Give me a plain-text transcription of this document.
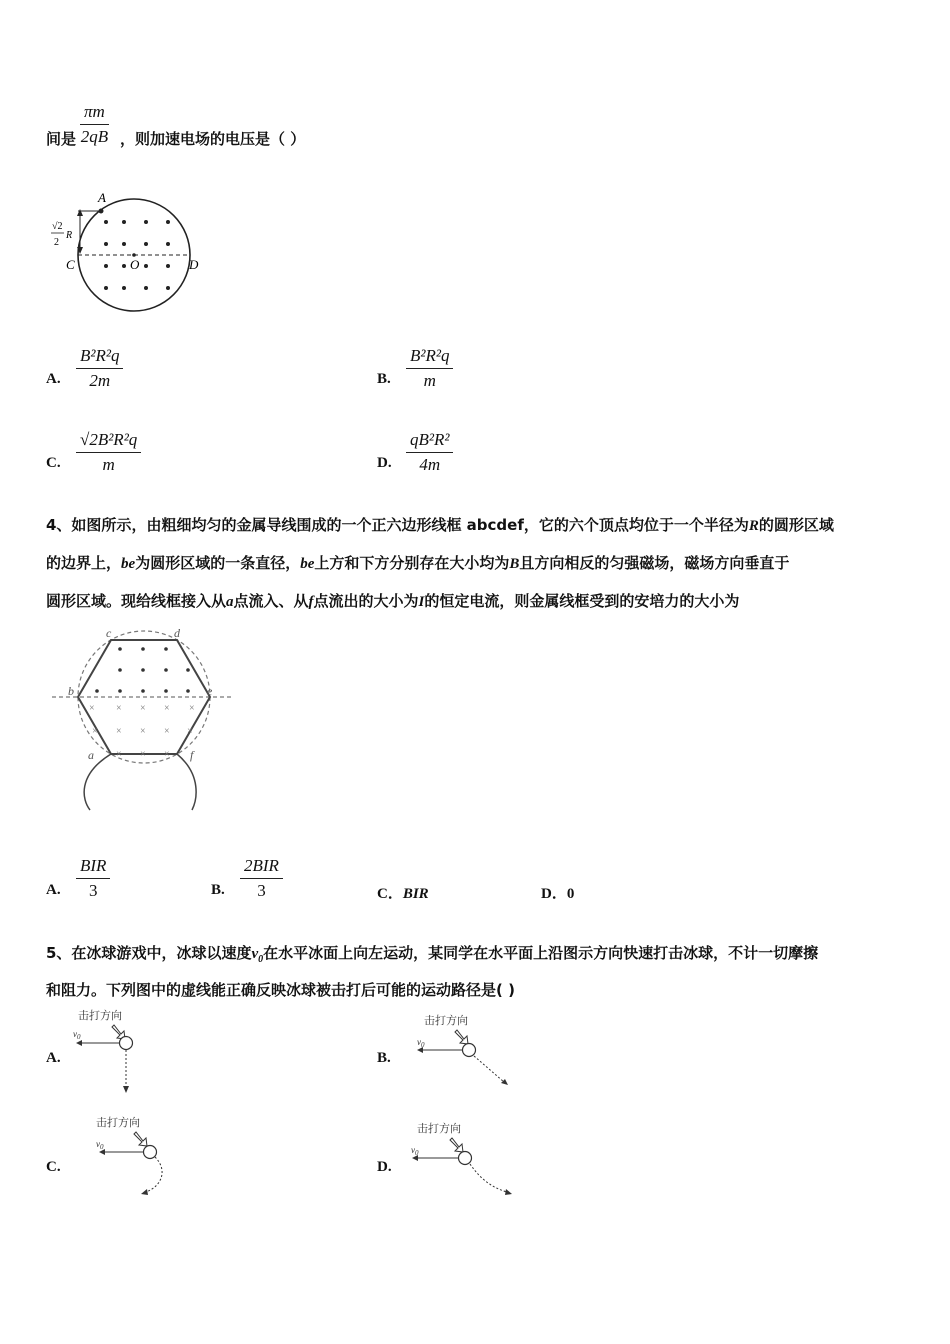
$\frac{\pi m}{2qB}$
间是	，则加速电场的电压是（ ）
A
C	D
O
√2
2
R
A. $\frac{\text{B²R²q}}{2m}$	B. $\frac{\text{B²R²q}}{m}$
C. $\frac{\text{√2B²R²q}}{m}$	D. $\frac{\text{qB²R²}}{4m}$
4、如图所示，由粗细均匀的金属导线围成的一个正六边形线框 abcdef，它的六个顶点均位于一个半径为R的圆形区域
的边界上，be为圆形区域的一条直径，be上方和下方分别存在大小均为B且方向相反的匀强磁场，磁场方向垂直于
圆形区域。现给线框接入从a点流入、从f点流出的大小为I的恒定电流，则金属线框受到的安培力的大小为
× × × × ×
× × × × ×
× × ×
c	d
b	e
a	f
A.
BIR
3	B.
2BIR
3	C．BIR	D．0
5、在冰球游戏中，冰球以速度$v_0$在水平冰面上向左运动，某同学在水平面上沿图示方向快速打击冰球，不计一切摩擦
和阻力。下列图中的虚线能正确反映冰球被击打后可能的运动路径是( )
A.
击打方向
$v_0$
B.
击打方向
$v_0$
C.
击打方向
$v_0$
D.
击打方向
$v_0$
